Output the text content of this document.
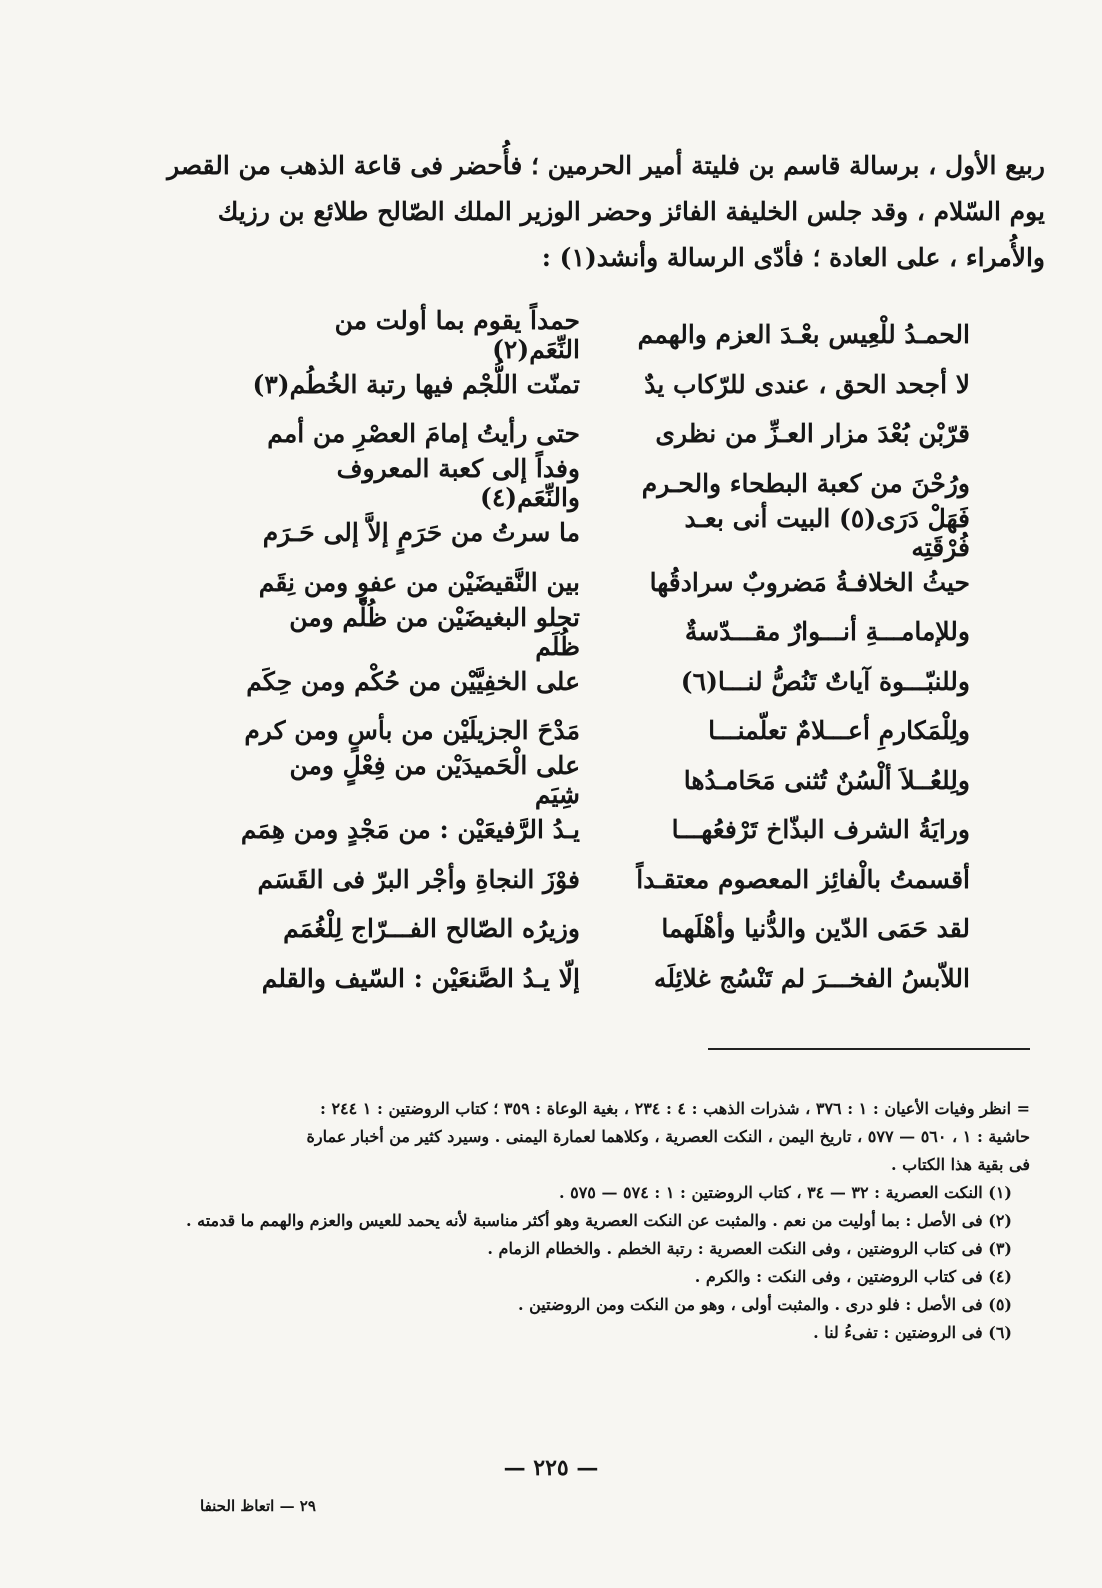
ربيع الأول ، برسالة قاسم بن فليتة أمير الحرمين ؛ فأُحضر فى قاعة الذهب من القصر

يوم السّلام ، وقد جلس الخليفة الفائز وحضر الوزير الملك الصّالح طلائع بن رزيك

والأُمراء ، على العادة ؛ فأدّى الرسالة وأنشد(١) :

الحمـدُ للْعِيس بعْـدَ العزم والهمم
حمداً يقوم بما أولت من النِّعَم(٢)
لا أجحد الحق ، عندى للرّكاب يدٌ
تمنّت اللُّجْم فيها رتبة الخُطُم(٣)
قرّبْن بُعْدَ مزار العـزِّ من نظرى
حتى رأيتُ إمامَ العصْرِ من أمم
ورُحْنَ من كعبة البطحاء والحـرم
وفداً إلى كعبة المعروف والنِّعَم(٤)
فَهَلْ دَرَى(٥) البيت أنى بعـد فُرْقَتِه
ما سرتُ من حَرَمٍ إلاَّ إلى حَـرَم
حيثُ الخلافـةُ مَضروبٌ سرادقُها
بين النَّقيضَيْن من عفوٍ ومن نِقَم
وللإمامـــةِ أنـــوارٌ مقـــدّسةٌ
تجلو البغيضَيْن من ظُلْم ومن ظُلَم
وللنبّـــوة آياتٌ تَنُصُّ لنـــا(٦)
على الخفِيَّيْن من حُكْم ومن حِكَم
ولِلْمَكارمِ أعـــلامٌ تعلّمنـــا
مَدْحَ الجزيلَيْن من بأسٍ ومن كرم
ولِلعُــلاَ ألْسُنٌ تُثنى مَحَامـدُها
على الْحَميدَيْن من فِعْلٍ ومن شِيَم
ورايَةُ الشرف البذّاخ تَرْفعُهـــا
يـدُ الرَّفيعَيْن : من مَجْدٍ ومن هِمَم
أقسمتُ بالْفائِز المعصوم معتقـداً
فوْزَ النجاةِ وأجْر البرّ فى القَسَم
لقد حَمَى الدّين والدُّنيا وأهْلَهما
وزيرُه الصّالح الفـــرّاج لِلْغُمَم
اللاّبسُ الفخـــرَ لم تَنْسُج غلائِلَه
إلّا يـدُ الصَّنعَيْن : السّيف والقلم

= انظر وفيات الأعيان : ١ : ٣٧٦ ، شذرات الذهب : ٤ : ٢٣٤ ، بغية الوعاة : ٣٥٩ ؛ كتاب الروضتين : ١ ٢٤٤ :

حاشية : ١ ، ٥٦٠ — ٥٧٧ ، تاريخ اليمن ، النكت العصرية ، وكلاهما لعمارة اليمنى . وسيرد كثير من أخبار عمارة

فى بقية هذا الكتاب .

(١) النكت العصرية : ٣٢ — ٣٤ ، كتاب الروضتين : ١ : ٥٧٤ — ٥٧٥ .

(٢) فى الأصل : بما أوليت من نعم . والمثبت عن النكت العصرية وهو أكثر مناسبة لأنه يحمد للعيس والعزم والهمم ما قدمته .

(٣) فى كتاب الروضتين ، وفى النكت العصرية : رتبة الخطم . والخطام الزمام .

(٤) فى كتاب الروضتين ، وفى النكت : والكرم .

(٥) فى الأصل : فلو درى . والمثبت أولى ، وهو من النكت ومن الروضتين .

(٦) فى الروضتين : تفىءُ لنا .

— ٢٢٥ —
٢٩ — اتعاظ الحنفا
